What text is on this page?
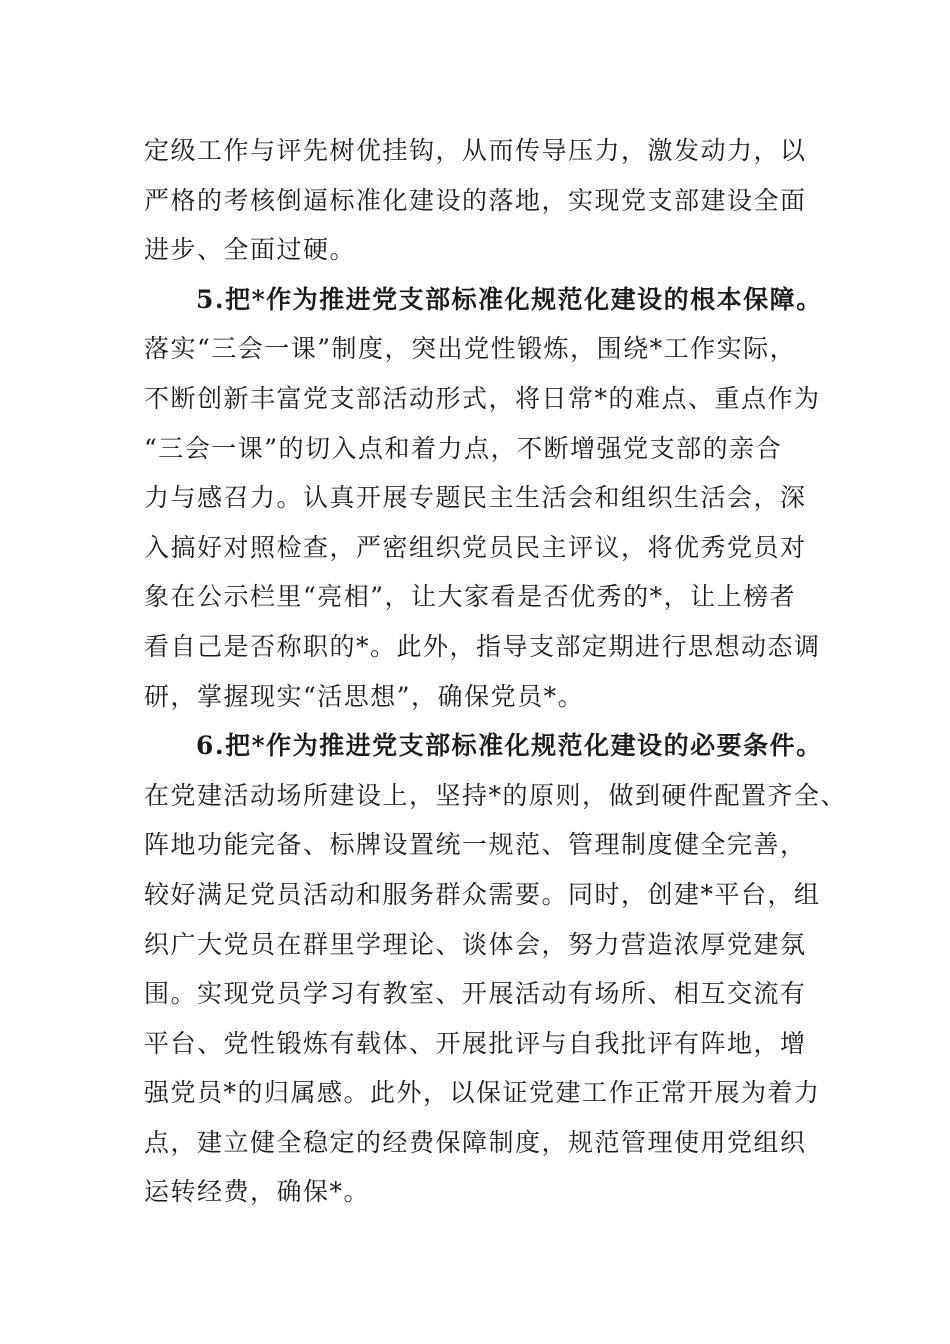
定级工作与评先树优挂钩，从而传导压力，激发动力，以
严格的考核倒逼标准化建设的落地，实现党支部建设全面
进步、全面过硬。
5.把*作为推进党支部标准化规范化建设的根本保障。
落实“三会一课”制度，突出党性锻炼，围绕*工作实际，
不断创新丰富党支部活动形式，将日常*的难点、重点作为
“三会一课”的切入点和着力点，不断增强党支部的亲合
力与感召力。认真开展专题民主生活会和组织生活会，深
入搞好对照检查，严密组织党员民主评议，将优秀党员对
象在公示栏里“亮相”，让大家看是否优秀的*，让上榜者
看自己是否称职的*。此外，指导支部定期进行思想动态调
研，掌握现实“活思想”，确保党员*。
6.把*作为推进党支部标准化规范化建设的必要条件。
在党建活动场所建设上，坚持*的原则，做到硬件配置齐全、
阵地功能完备、标牌设置统一规范、管理制度健全完善，
较好满足党员活动和服务群众需要。同时，创建*平台，组
织广大党员在群里学理论、谈体会，努力营造浓厚党建氛
围。实现党员学习有教室、开展活动有场所、相互交流有
平台、党性锻炼有载体、开展批评与自我批评有阵地，增
强党员*的归属感。此外，以保证党建工作正常开展为着力
点，建立健全稳定的经费保障制度，规范管理使用党组织
运转经费，确保*。
